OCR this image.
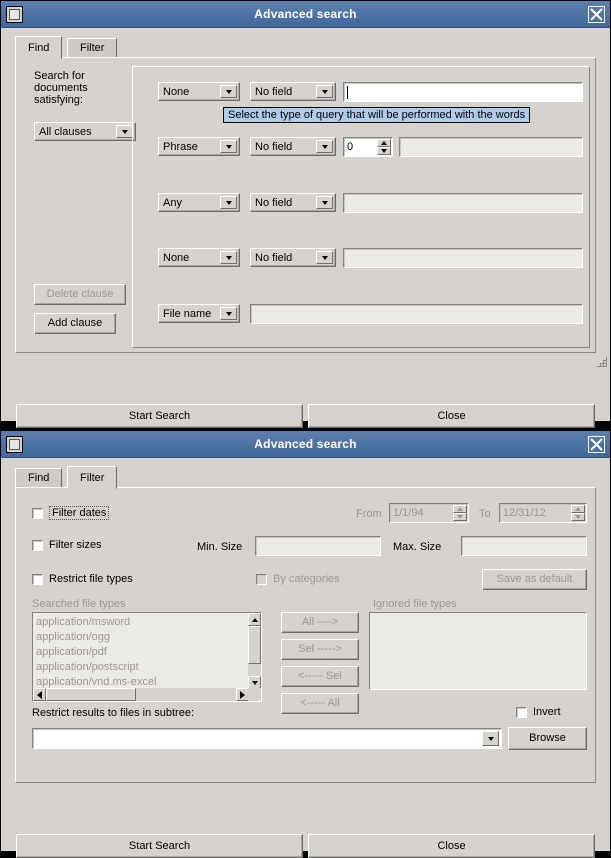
Advanced search
Find	Filter
Search for documents satisfying:
All clauses
Delete clause
Add clause
None	No field
Select the type of query that will be performed with the words
Phrase	No field	0
Any	No field
None	No field
File name
Start Search	Close
Advanced search
Find	Filter
Filter dates	From 1/1/94	To 12/31/12
Filter sizes	Min. Size	Max. Size
Restrict file types	By categories	Save as default
Searched file types
application/msword
application/ogg
application/pdf
application/postscript
application/vnd.ms-excel
All ---->
Sel ----->
<----- Sel
<----- All
Ignored file types
Restrict results to files in subtree:	Invert
Browse
Start Search	Close
